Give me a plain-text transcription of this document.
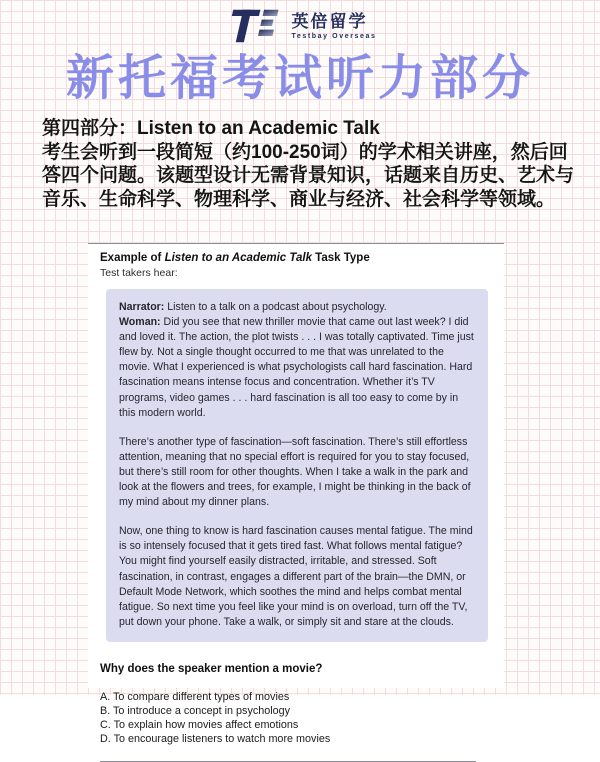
英倍留学
Testbay Overseas
新托福考试听力部分
第四部分：Listen to an Academic Talk
考生会听到一段简短（约100-250词）的学术相关讲座，然后回答四个问题。该题型设计无需背景知识，话题来自历史、艺术与音乐、生命科学、物理科学、商业与经济、社会科学等领域。
Example of Listen to an Academic Talk Task Type
Test takers hear:
Narrator: Listen to a talk on a podcast about psychology.
Woman: Did you see that new thriller movie that came out last week? I did and loved it. The action, the plot twists . . . I was totally captivated. Time just flew by. Not a single thought occurred to me that was unrelated to the movie. What I experienced is what psychologists call hard fascination. Hard fascination means intense focus and concentration. Whether it’s TV programs, video games . . . hard fascination is all too easy to come by in this modern world.
There’s another type of fascination—soft fascination. There’s still effortless attention, meaning that no special effort is required for you to stay focused, but there’s still room for other thoughts. When I take a walk in the park and look at the flowers and trees, for example, I might be thinking in the back of my mind about my dinner plans.
Now, one thing to know is hard fascination causes mental fatigue. The mind is so intensely focused that it gets tired fast. What follows mental fatigue? You might find yourself easily distracted, irritable, and stressed. Soft fascination, in contrast, engages a different part of the brain—the DMN, or Default Mode Network, which soothes the mind and helps combat mental fatigue. So next time you feel like your mind is on overload, turn off the TV, put down your phone. Take a walk, or simply sit and stare at the clouds.
Why does the speaker mention a movie?
A. To compare different types of movies
B. To introduce a concept in psychology
C. To explain how movies affect emotions
D. To encourage listeners to watch more movies
